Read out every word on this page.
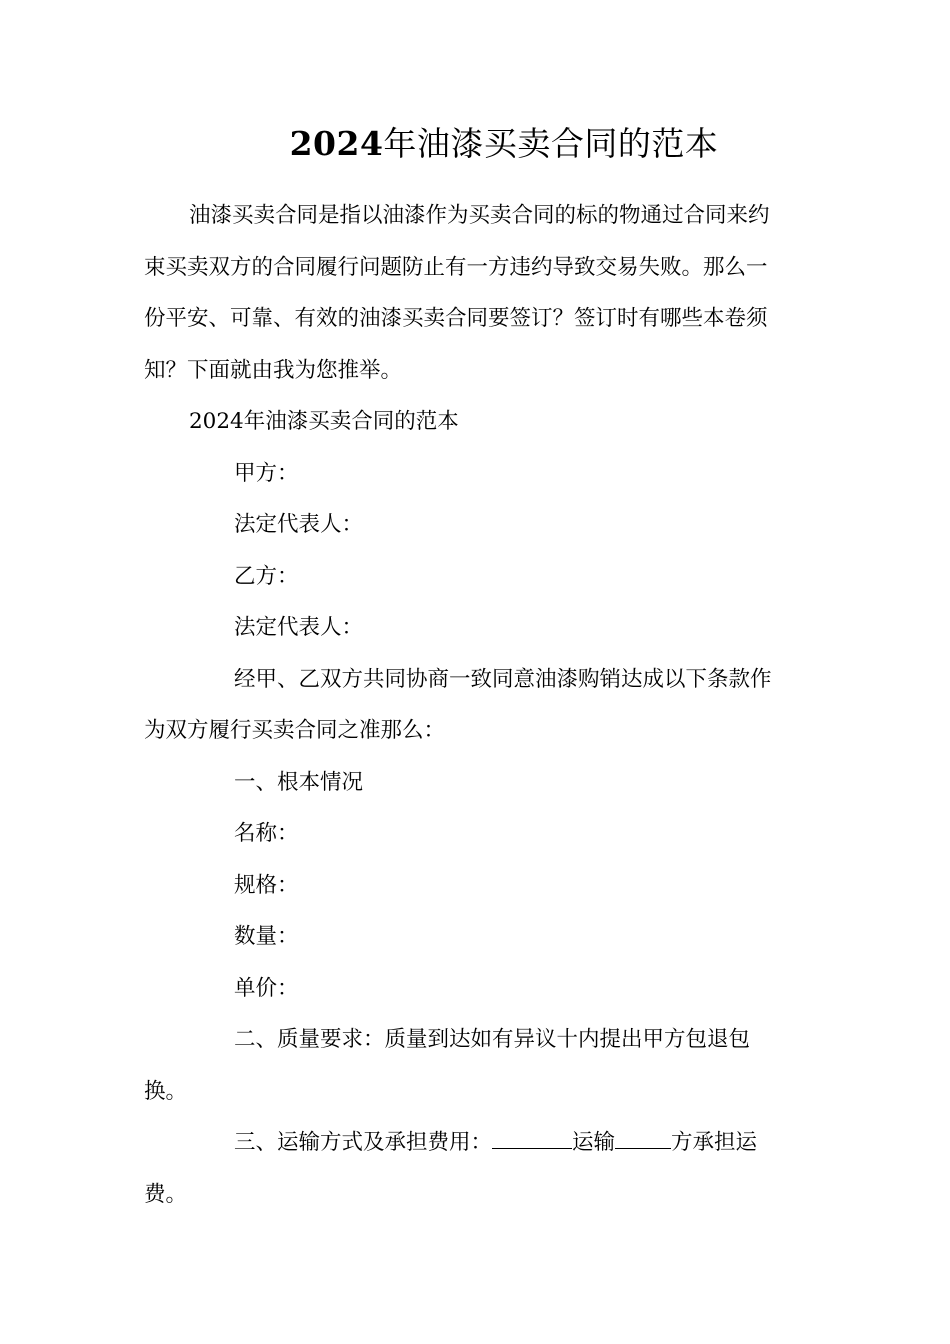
2024年油漆买卖合同的范本

油漆买卖合同是指以油漆作为买卖合同的标的物通过合同来约

束买卖双方的合同履行问题防止有一方违约导致交易失败。那么一

份平安、可靠、有效的油漆买卖合同要签订？签订时有哪些本卷须

知？下面就由我为您推举。

2024年油漆买卖合同的范本

甲方：

法定代表人：

乙方：

法定代表人：

经甲、乙双方共同协商一致同意油漆购销达成以下条款作

为双方履行买卖合同之准那么：

一、根本情况

名称：

规格：

数量：

单价：

二、质量要求：质量到达如有异议十内提出甲方包退包

换。

三、运输方式及承担费用：	运输	方承担运

费。
